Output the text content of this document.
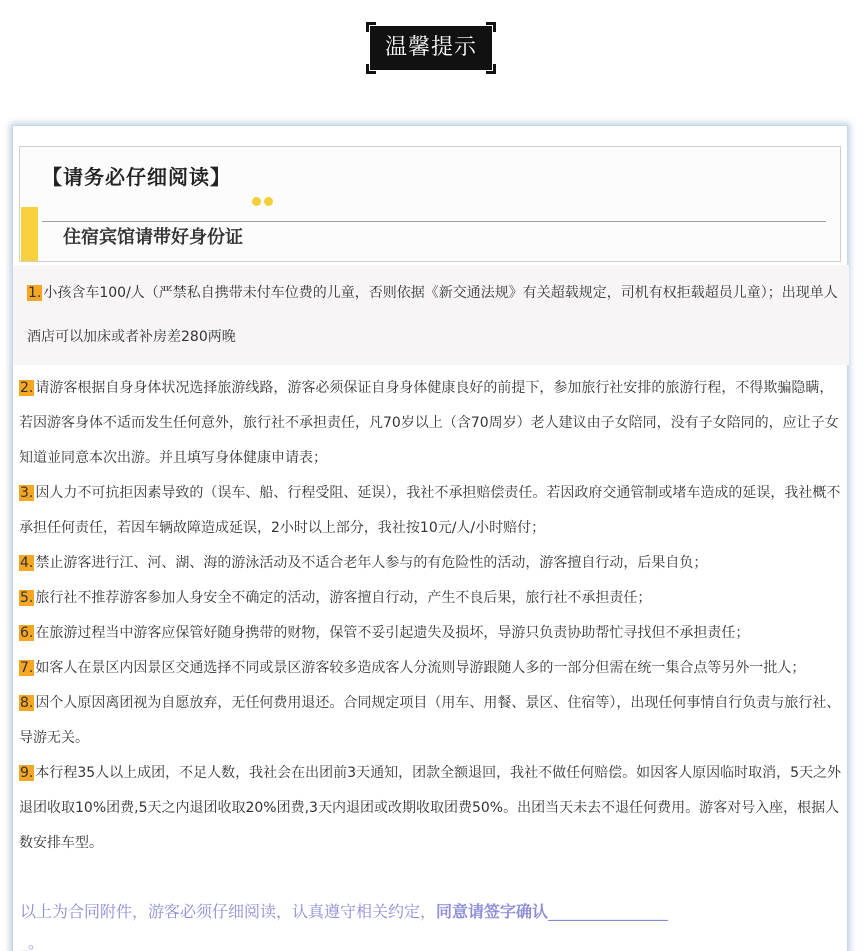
温馨提示
【请务必仔细阅读】
住宿宾馆请带好身份证
1. 小孩含车100/人（严禁私自携带未付车位费的儿童，否则依据《新交通法规》有关超载规定，司机有权拒载超员儿童）；出现单人酒店可以加床或者补房差280两晚
2. 请游客根据自身身体状况选择旅游线路，游客必须保证自身身体健康良好的前提下，参加旅行社安排的旅游行程，不得欺骗隐瞒，若因游客身体不适而发生任何意外，旅行社不承担责任，凡70岁以上（含70周岁）老人建议由子女陪同，没有子女陪同的，应让子女知道並同意本次出游。并且填写身体健康申请表；
3. 因人力不可抗拒因素导致的（误车、船、行程受阻、延误），我社不承担赔偿责任。若因政府交通管制或堵车造成的延误，我社概不承担任何责任，若因车辆故障造成延误，2小时以上部分，我社按10元/人/小时赔付；
4. 禁止游客进行江、河、湖、海的游泳活动及不适合老年人参与的有危险性的活动，游客擅自行动，后果自负；
5. 旅行社不推荐游客参加人身安全不确定的活动，游客擅自行动，产生不良后果，旅行社不承担责任；
6. 在旅游过程当中游客应保管好随身携带的财物，保管不妥引起遗失及损坏，导游只负责协助帮忙寻找但不承担责任；
7. 如客人在景区内因景区交通选择不同或景区游客较多造成客人分流则导游跟随人多的一部分但需在统一集合点等另外一批人；
8. 因个人原因离团视为自愿放弃，无任何费用退还。合同规定项目（用车、用餐、景区、住宿等），出现任何事情自行负责与旅行社、导游无关。
9. 本行程35人以上成团，不足人数，我社会在出团前3天通知，团款全额退回，我社不做任何赔偿。如因客人原因临时取消，5天之外退团收取10%团费,5天之内退团收取20%团费,3天内退团或改期收取团费50%。出团当天未去不退任何费用。游客对号入座，根据人数安排车型。
以上为合同附件，游客必须仔细阅读，认真遵守相关约定，同意请签字确认_______________
_。
